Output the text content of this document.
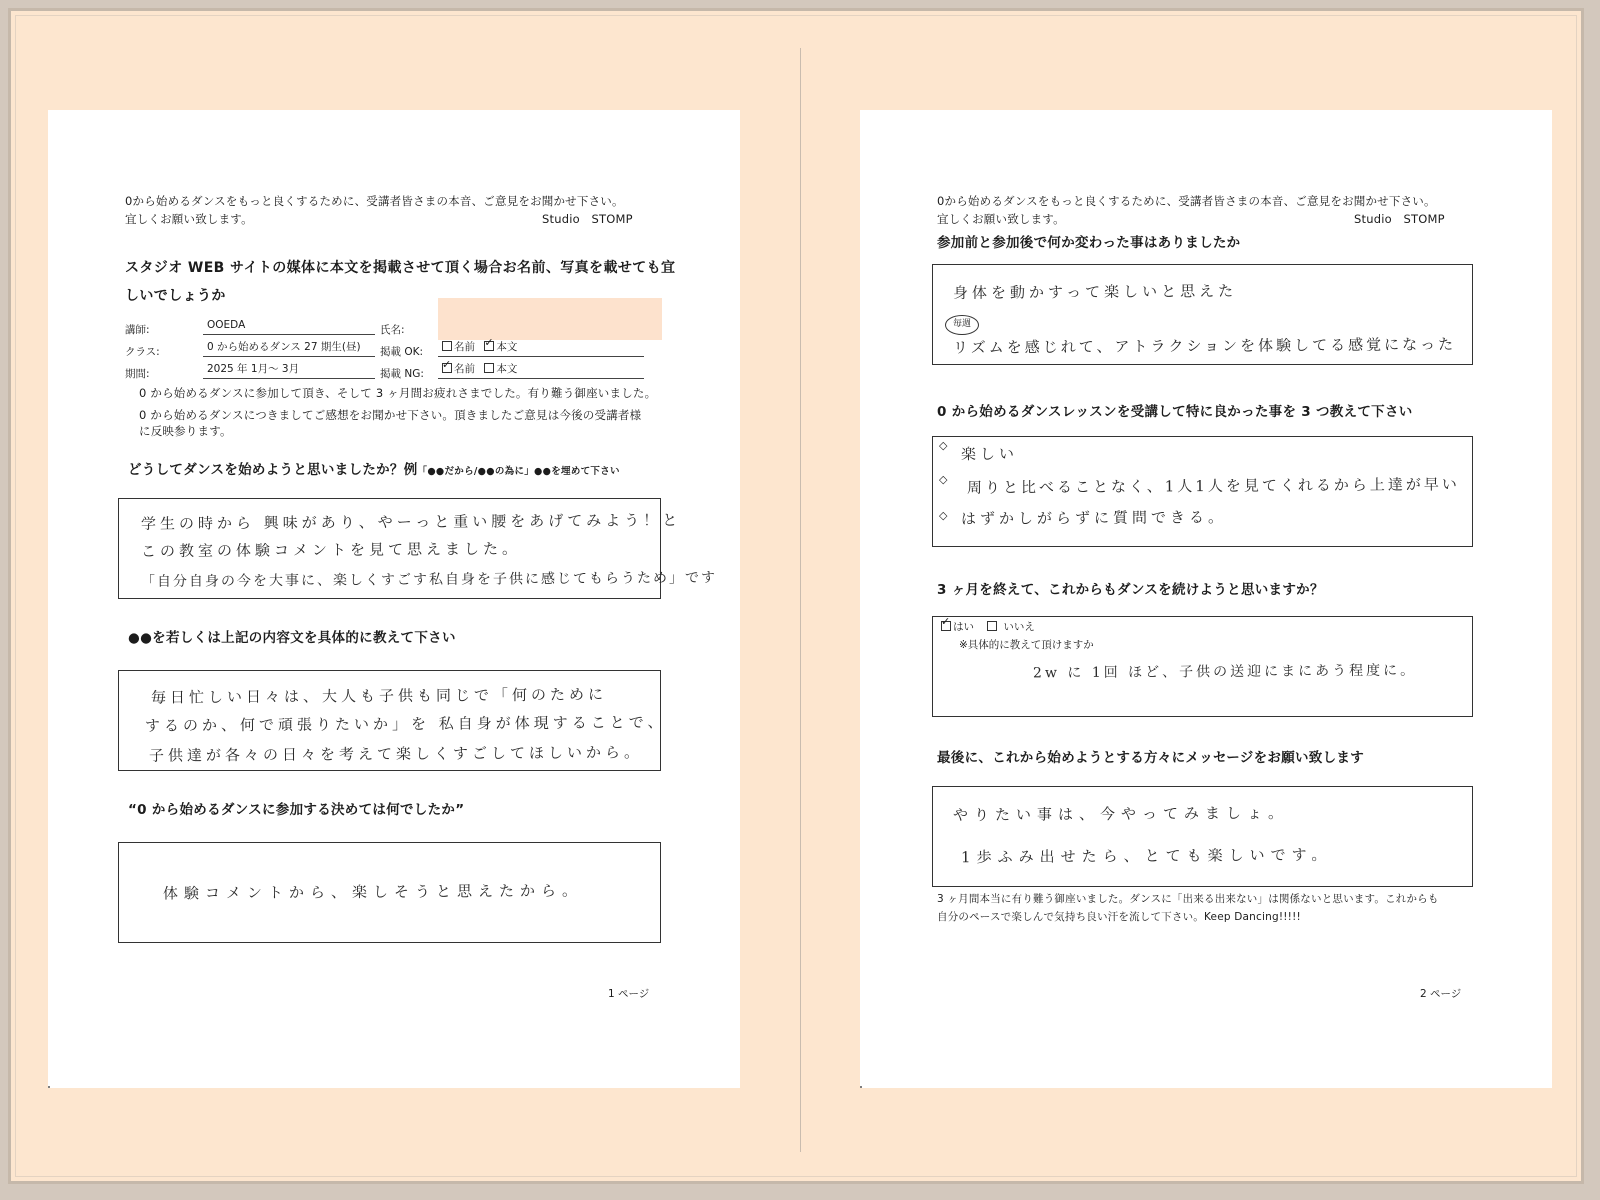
0から始めるダンスをもっと良くするために、受講者皆さまの本音、ご意見をお聞かせ下さい。
宜しくお願い致します。	Studio　STOMP
スタジオ WEB サイトの媒体に本文を掲載させて頂く場合お名前、写真を載せても宜
しいでしょうか
講師:	OOEDA	氏名:
クラス:	0 から始めるダンス 27 期生(昼)	掲載 OK:	名前 ✓ 本文
期間:	2025 年 1月～ 3月	掲載 NG: ✓	名前 本文
0 から始めるダンスに参加して頂き、そして 3 ヶ月間お疲れさまでした。有り難う御座いました。
0 から始めるダンスにつきましてご感想をお聞かせ下さい。頂きましたご意見は今後の受講者様
に反映参ります。
どうしてダンスを始めようと思いましたか？例「●●だから/●●の為に」●●を埋めて下さい
学生の時から 興味があり、やーっと重い腰をあげてみよう！と
この教室の体験コメントを見て思えました。
「自分自身の今を大事に、楽しくすごす私自身を子供に感じてもらうため」です
●●を若しくは上記の内容文を具体的に教えて下さい
毎日忙しい日々は、大人も子供も同じで「何のために
するのか、何で頑張りたいか」を 私自身が体現することで、
子供達が各々の日々を考えて楽しくすごしてほしいから。
“0 から始めるダンスに参加する決めては何でしたか”
体験コメントから、楽しそうと思えたから。
1 ページ
0から始めるダンスをもっと良くするために、受講者皆さまの本音、ご意見をお聞かせ下さい。
宜しくお願い致します。	Studio　STOMP
参加前と参加後で何か変わった事はありましたか
身体を動かすって楽しいと思えた
毎週
リズムを感じれて、アトラクションを体験してる感覚になった
0 から始めるダンスレッスンを受講して特に良かった事を 3 つ教えて下さい
◇ 楽しい
◇ 周りと比べることなく、1人1人を見てくれるから上達が早い
◇ はずかしがらずに質問できる。
3 ヶ月を終えて、これからもダンスを続けようと思いますか？
✓はい	いいえ
※具体的に教えて頂けますか
2w に 1回 ほど、子供の送迎にまにあう程度に。
最後に、これから始めようとする方々にメッセージをお願い致します
やりたい事は、今やってみましょ。
1歩ふみ出せたら、とても楽しいです。
3 ヶ月間本当に有り難う御座いました。ダンスに「出来る出来ない」は関係ないと思います。これからも
自分のペースで楽しんで気持ち良い汗を流して下さい。Keep Dancing!!!!!
2 ページ
